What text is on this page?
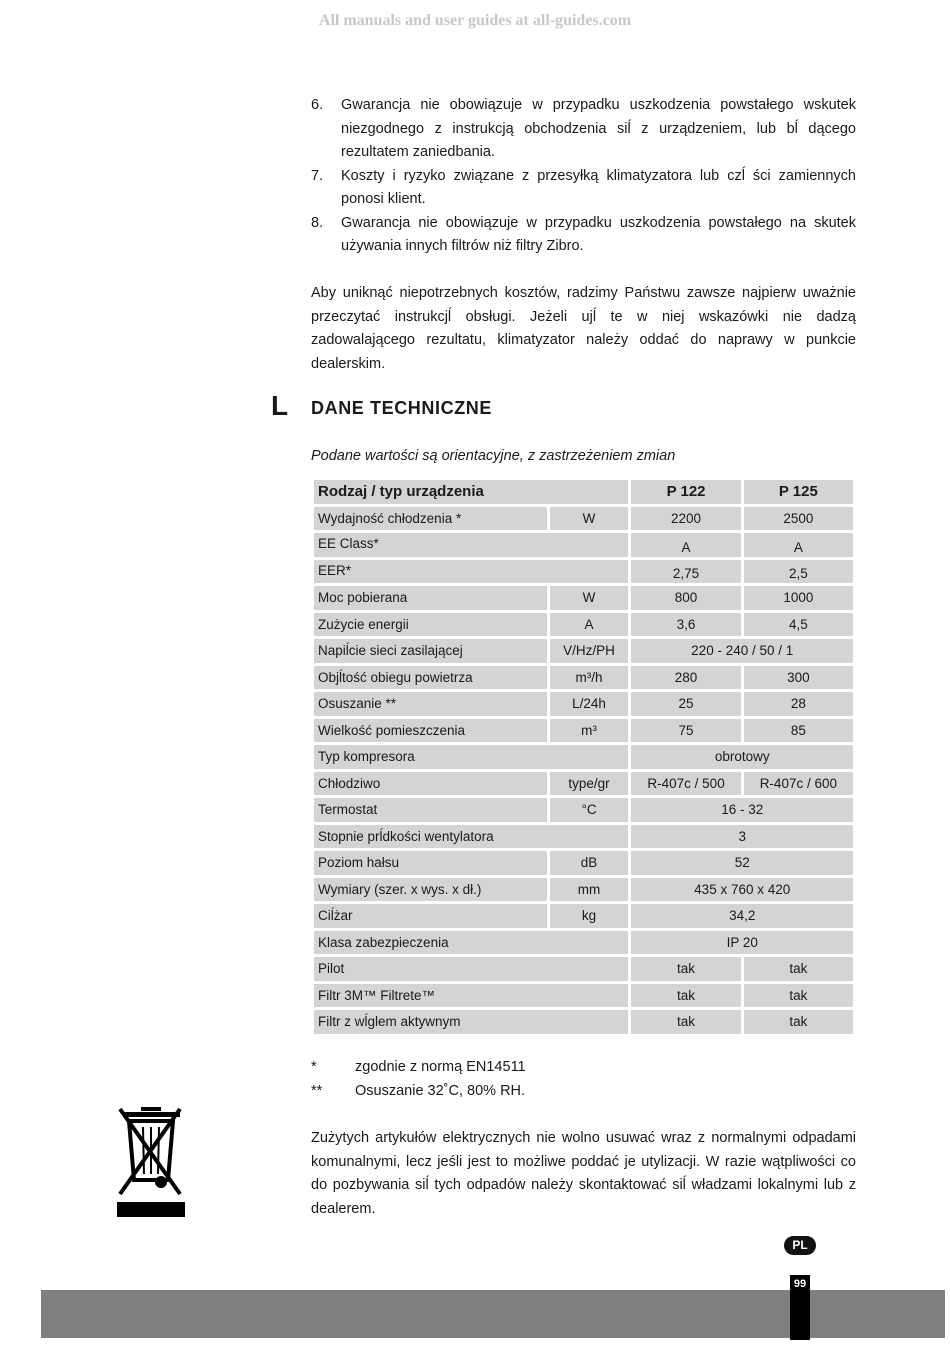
All manuals and user guides at all-guides.com
6.	Gwarancja nie obowiązuje w przypadku uszkodzenia powstałego wskutek niezgodnego z instrukcją obchodzenia siĺ z urządzeniem, lub bĺ dącego rezultatem zaniedbania.
7.	Koszty i ryzyko związane z przesyłką klimatyzatora lub czĺ ści zamiennych ponosi klient.
8.	Gwarancja nie obowiązuje w przypadku uszkodzenia powstałego na skutek używania innych filtrów niż filtry Zibro.

Aby uniknąć niepotrzebnych kosztów, radzimy Państwu zawsze najpierw uważnie przeczytać instrukcjĺ obsługi. Jeżeli ujĺ te w niej wskazówki nie dadzą zadowalającego rezultatu, klimatyzator należy oddać do naprawy w punkcie dealerskim.

L DANE TECHNICZNE
Podane wartości są orientacyjne, z zastrzeżeniem zmian
Rodzaj / typ urządzenia		P 122	P 125
Wydajność chłodzenia *	W	2200	2500
EE Class*		A	A
EER*		2,75	2,5
Moc pobierana	W	800	1000
Zużycie energii	A	3,6	4,5
Napiĺcie sieci zasilającej	V/Hz/PH	220 - 240 / 50 / 1	
Objĺtość obiegu powietrza	m³/h	280	300
Osuszanie **	L/24h	25	28
Wielkość pomieszczenia	m³	75	85
Typ kompresora		obrotowy	
Chłodziwo	type/gr	R-407c / 500	R-407c / 600
Termostat	°C	16 - 32	
Stopnie prĺdkości wentylatora		3	
Poziom hałsu	dB	52	
Wymiary (szer. x wys. x dł.)	mm	435 x 760 x 420	
Ciĺżar	kg	34,2	
Klasa zabezpieczenia		IP 20	
Pilot		tak	tak
Filtr 3M™ Filtrete™		tak	tak
Filtr z wĺglem aktywnym		tak	tak
*	zgodnie z normą EN14511
** Osuszanie 32˚C, 80% RH.

Zużytych artykułów elektrycznych nie wolno usuwać wraz z normalnymi odpadami komunalnymi, lecz jeśli jest to możliwe poddać je utylizacji. W razie wątpliwości co do pozbywania siĺ tych odpadów należy skontaktować siĺ władzami lokalnymi lub z dealerem.

PL
99
